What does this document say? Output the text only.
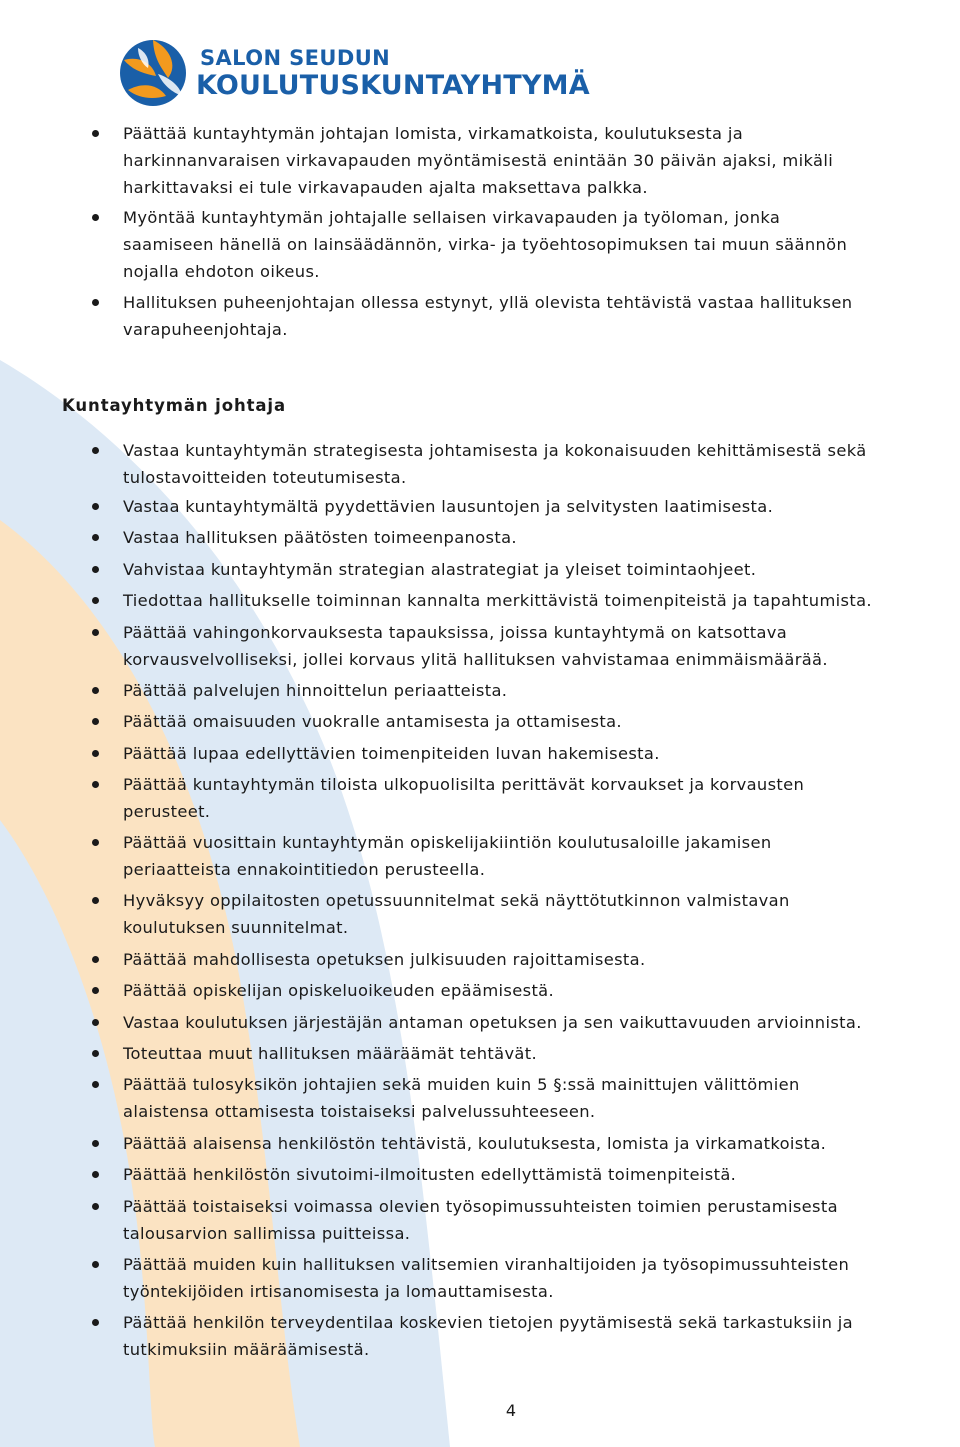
SALON SEUDUN
KOULUTUSKUNTAYHTYMÄ
Päättää kuntayhtymän johtajan lomista, virkamatkoista, koulutuksesta ja
harkinnanvaraisen virkavapauden myöntämisestä enintään 30 päivän ajaksi, mikäli
harkittavaksi ei tule virkavapauden ajalta maksettava palkka.
Myöntää kuntayhtymän johtajalle sellaisen virkavapauden ja työloman, jonka
saamiseen hänellä on lainsäädännön, virka- ja työehtosopimuksen tai muun säännön
nojalla ehdoton oikeus.
Hallituksen puheenjohtajan ollessa estynyt, yllä olevista tehtävistä vastaa hallituksen
varapuheenjohtaja.
Kuntayhtymän johtaja
Vastaa kuntayhtymän strategisesta johtamisesta ja kokonaisuuden kehittämisestä sekä
tulostavoitteiden toteutumisesta.
Vastaa kuntayhtymältä pyydettävien lausuntojen ja selvitysten laatimisesta.
Vastaa hallituksen päätösten toimeenpanosta.
Vahvistaa kuntayhtymän strategian alastrategiat ja yleiset toimintaohjeet.
Tiedottaa hallitukselle toiminnan kannalta merkittävistä toimenpiteistä ja tapahtumista.
Päättää vahingonkorvauksesta tapauksissa, joissa kuntayhtymä on katsottava
korvausvelvolliseksi, jollei korvaus ylitä hallituksen vahvistamaa enimmäismäärää.
Päättää palvelujen hinnoittelun periaatteista.
Päättää omaisuuden vuokralle antamisesta ja ottamisesta.
Päättää lupaa edellyttävien toimenpiteiden luvan hakemisesta.
Päättää kuntayhtymän tiloista ulkopuolisilta perittävät korvaukset ja korvausten
perusteet.
Päättää vuosittain kuntayhtymän opiskelijakiintiön koulutusaloille jakamisen
periaatteista ennakointitiedon perusteella.
Hyväksyy oppilaitosten opetussuunnitelmat sekä näyttötutkinnon valmistavan
koulutuksen suunnitelmat.
Päättää mahdollisesta opetuksen julkisuuden rajoittamisesta.
Päättää opiskelijan opiskeluoikeuden epäämisestä.
Vastaa koulutuksen järjestäjän antaman opetuksen ja sen vaikuttavuuden arvioinnista.
Toteuttaa muut hallituksen määräämät tehtävät.
Päättää tulosyksikön johtajien sekä muiden kuin 5 §:ssä mainittujen välittömien
alaistensa ottamisesta toistaiseksi palvelussuhteeseen.
Päättää alaisensa henkilöstön tehtävistä, koulutuksesta, lomista ja virkamatkoista.
Päättää henkilöstön sivutoimi-ilmoitusten edellyttämistä toimenpiteistä.
Päättää toistaiseksi voimassa olevien työsopimussuhteisten toimien perustamisesta
talousarvion sallimissa puitteissa.
Päättää muiden kuin hallituksen valitsemien viranhaltijoiden ja työsopimussuhteisten
työntekijöiden irtisanomisesta ja lomauttamisesta.
Päättää henkilön terveydentilaa koskevien tietojen pyytämisestä sekä tarkastuksiin ja
tutkimuksiin määräämisestä.
4
